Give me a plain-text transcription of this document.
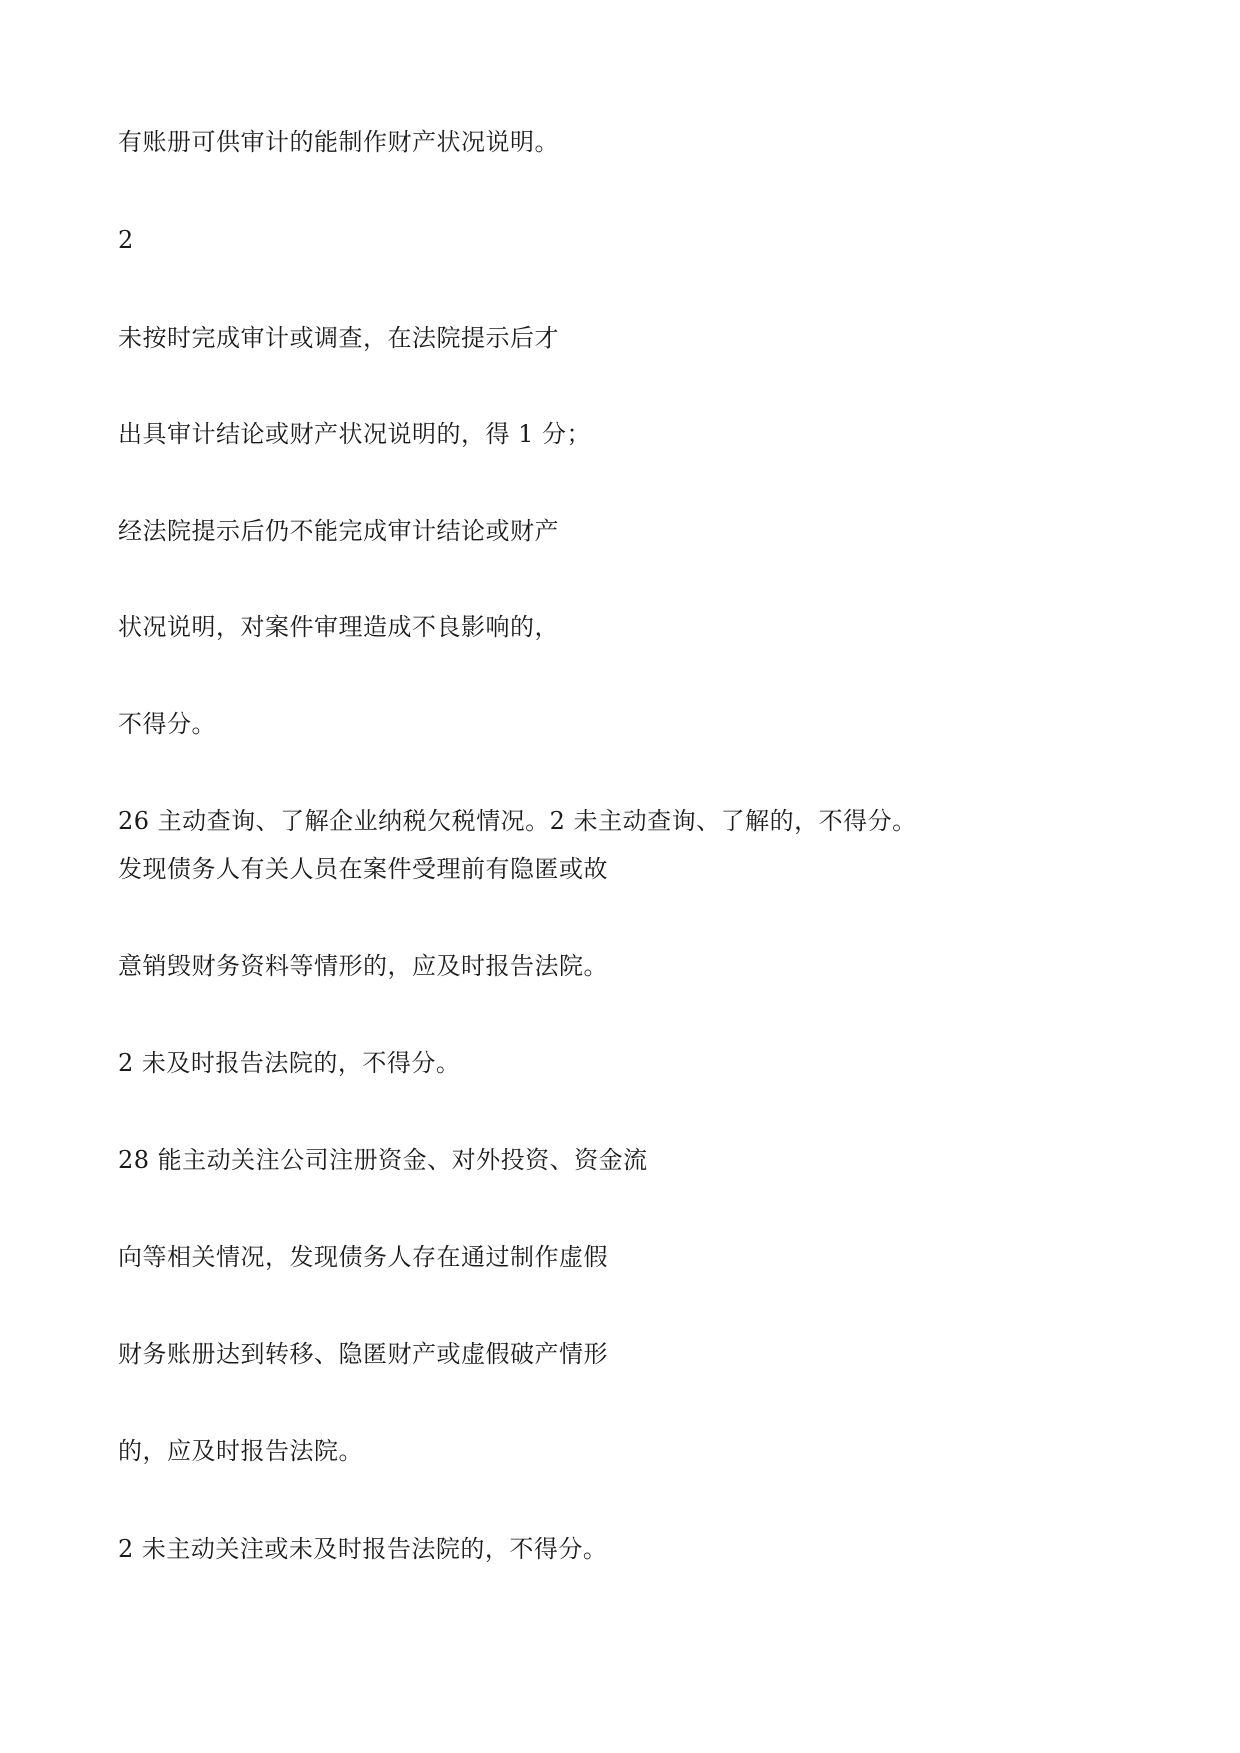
有账册可供审计的能制作财产状况说明。
2
未按时完成审计或调查，在法院提示后才
出具审计结论或财产状况说明的，得 1 分；
经法院提示后仍不能完成审计结论或财产
状况说明，对案件审理造成不良影响的，
不得分。
26 主动查询、了解企业纳税欠税情况。2 未主动查询、了解的，不得分。
发现债务人有关人员在案件受理前有隐匿或故
意销毁财务资料等情形的，应及时报告法院。
2 未及时报告法院的，不得分。
28 能主动关注公司注册资金、对外投资、资金流
向等相关情况，发现债务人存在通过制作虚假
财务账册达到转移、隐匿财产或虚假破产情形
的，应及时报告法院。
2 未主动关注或未及时报告法院的，不得分。
